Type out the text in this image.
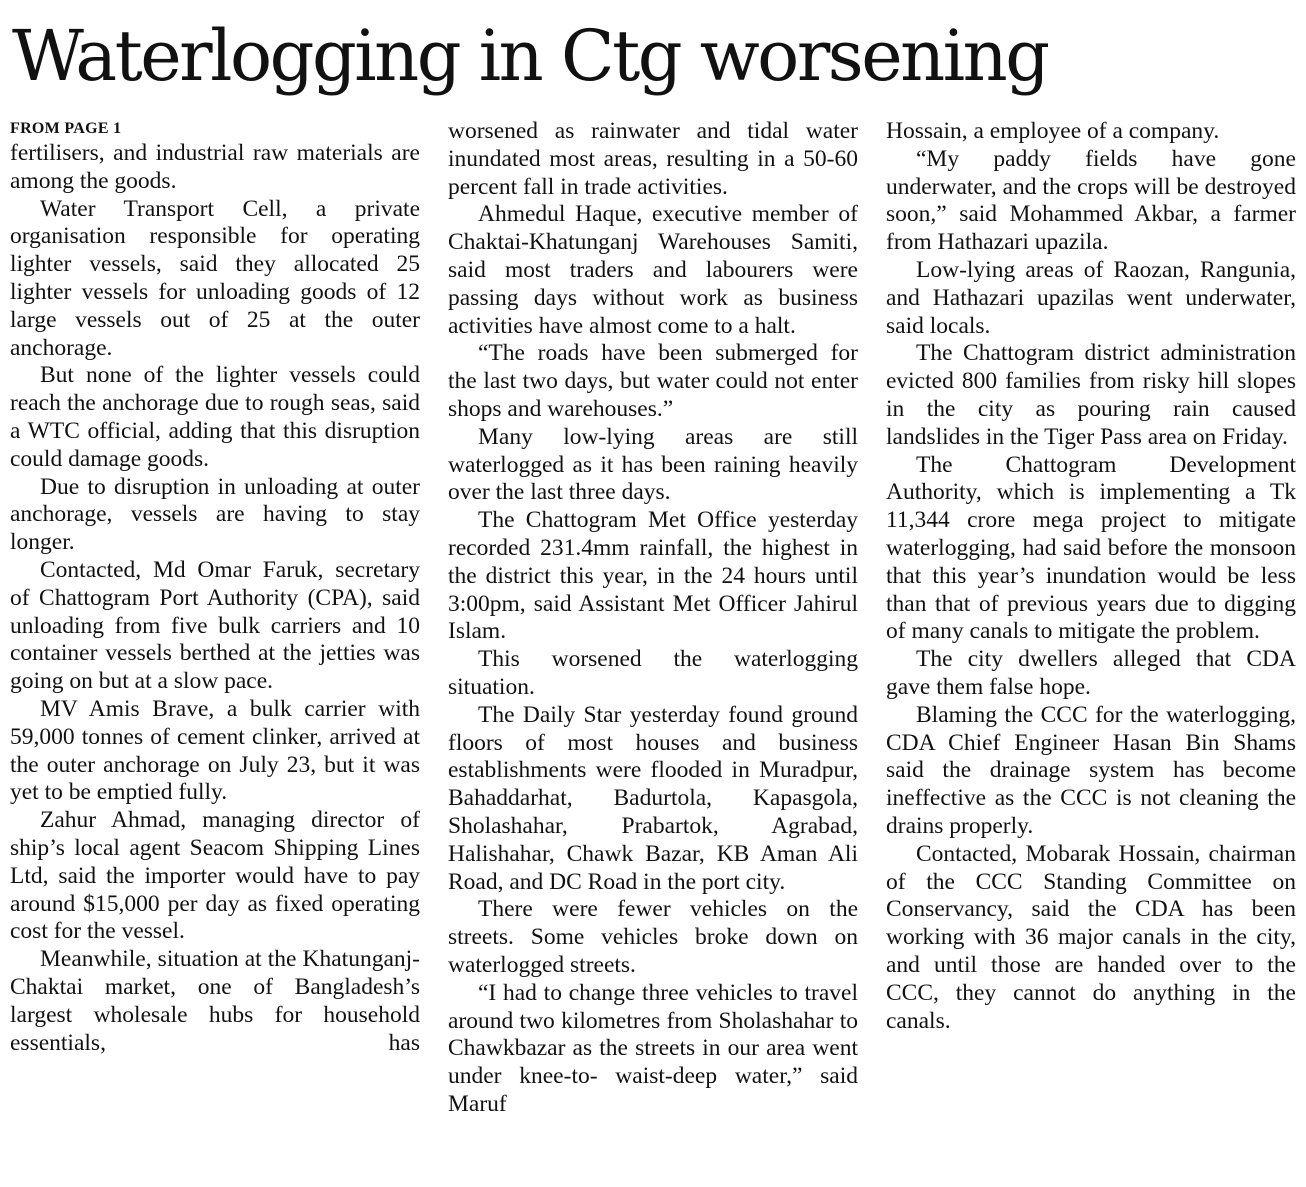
Waterlogging in Ctg worsening
FROM PAGE 1

fertilisers, and industrial raw materials are among the goods.

Water Transport Cell, a private organisation responsible for operating lighter vessels, said they allocated 25 lighter vessels for unloading goods of 12 large vessels out of 25 at the outer anchorage.

But none of the lighter vessels could reach the anchorage due to rough seas, said a WTC official, adding that this disruption could damage goods.

Due to disruption in unloading at outer anchorage, vessels are having to stay longer.

Contacted, Md Omar Faruk, secretary of Chattogram Port Authority (CPA), said unloading from five bulk carriers and 10 container vessels berthed at the jetties was going on but at a slow pace.

MV Amis Brave, a bulk carrier with 59,000 tonnes of cement clinker, arrived at the outer anchorage on July 23, but it was yet to be emptied fully.

Zahur Ahmad, managing director of ship’s local agent Seacom Shipping Lines Ltd, said the importer would have to pay around $15,000 per day as fixed operating cost for the vessel.

Meanwhile, situation at the Khatunganj-Chaktai market, one of Bangladesh’s largest wholesale hubs for household essentials, has

worsened as rainwater and tidal water inundated most areas, resulting in a 50-60 percent fall in trade activities.

Ahmedul Haque, executive member of Chaktai-Khatunganj Warehouses Samiti, said most traders and labourers were passing days without work as business activities have almost come to a halt.

“The roads have been submerged for the last two days, but water could not enter shops and warehouses.”

Many low-lying areas are still waterlogged as it has been raining heavily over the last three days.

The Chattogram Met Office yesterday recorded 231.4mm rainfall, the highest in the district this year, in the 24 hours until 3:00pm, said Assistant Met Officer Jahirul Islam.

This worsened the waterlogging situation.

The Daily Star yesterday found ground floors of most houses and business establishments were flooded in Muradpur, Bahaddarhat, Badurtola, Kapasgola, Sholashahar, Prabartok, Agrabad, Halishahar, Chawk Bazar, KB Aman Ali Road, and DC Road in the port city.

There were fewer vehicles on the streets. Some vehicles broke down on waterlogged streets.

“I had to change three vehicles to travel around two kilometres from Sholashahar to Chawkbazar as the streets in our area went under knee-to- waist-deep water,” said Maruf

Hossain, a employee of a company.

“My paddy fields have gone underwater, and the crops will be destroyed soon,” said Mohammed Akbar, a farmer from Hathazari upazila.

Low-lying areas of Raozan, Rangunia, and Hathazari upazilas went underwater, said locals.

The Chattogram district administration evicted 800 families from risky hill slopes in the city as pouring rain caused landslides in the Tiger Pass area on Friday.

The Chattogram Development Authority, which is implementing a Tk 11,344 crore mega project to mitigate waterlogging, had said before the monsoon that this year’s inundation would be less than that of previous years due to digging of many canals to mitigate the problem.

The city dwellers alleged that CDA gave them false hope.

Blaming the CCC for the waterlogging, CDA Chief Engineer Hasan Bin Shams said the drainage system has become ineffective as the CCC is not cleaning the drains properly.

Contacted, Mobarak Hossain, chairman of the CCC Standing Committee on Conservancy, said the CDA has been working with 36 major canals in the city, and until those are handed over to the CCC, they cannot do anything in the canals.
